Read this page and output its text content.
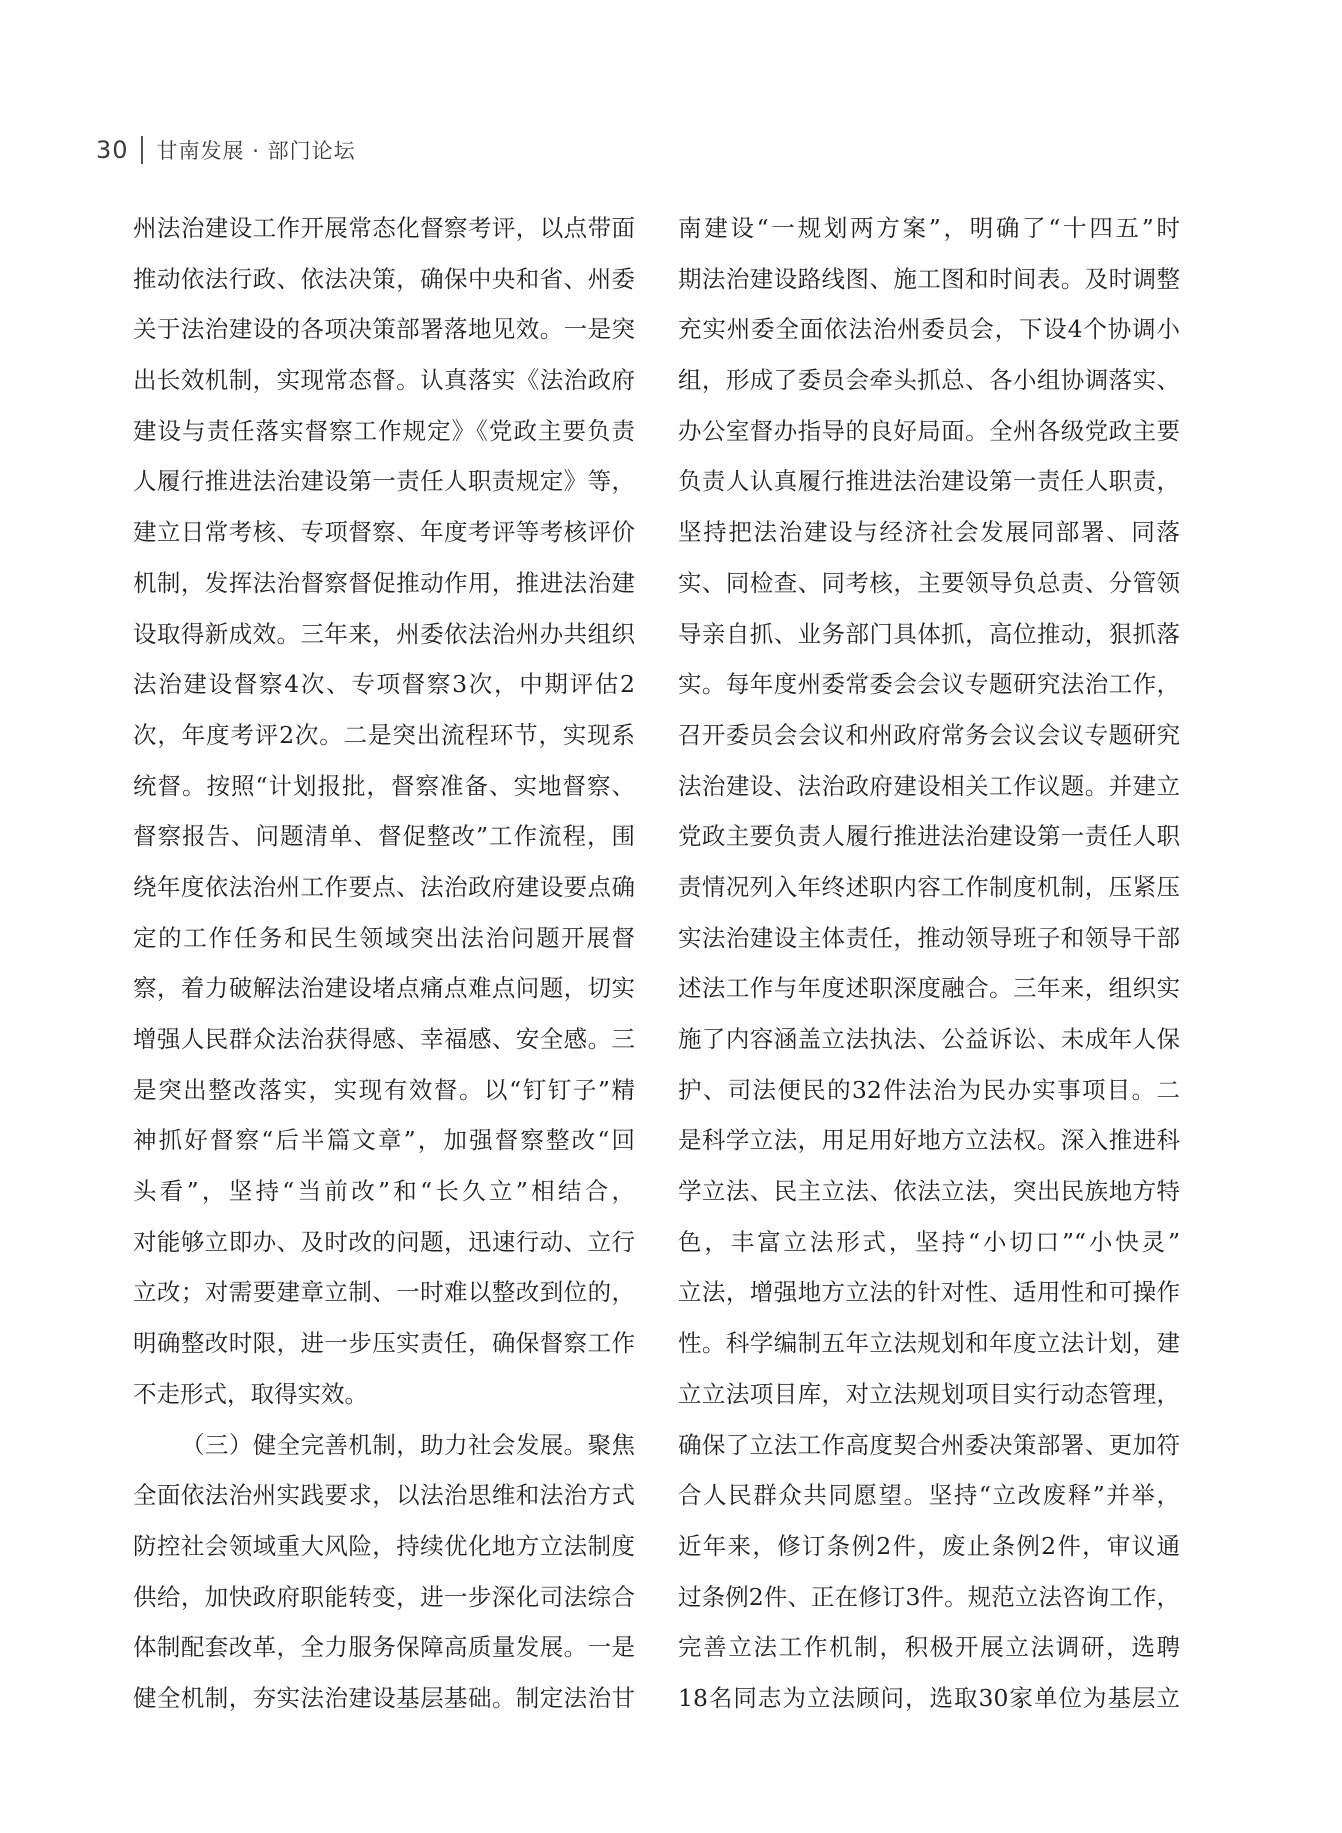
30 甘南发展 · 部门论坛
州法治建设工作开展常态化督察考评，以点带面
推动依法行政、依法决策，确保中央和省、州委
关于法治建设的各项决策部署落地见效。一是突
出长效机制，实现常态督。认真落实《法治政府
建设与责任落实督察工作规定》《党政主要负责
人履行推进法治建设第一责任人职责规定》等，
建立日常考核、专项督察、年度考评等考核评价
机制，发挥法治督察督促推动作用，推进法治建
设取得新成效。三年来，州委依法治州办共组织
法治建设督察4次、专项督察3次，中期评估2
次，年度考评2次。二是突出流程环节，实现系
统督。按照“计划报批，督察准备、实地督察、
督察报告、问题清单、督促整改”工作流程，围
绕年度依法治州工作要点、法治政府建设要点确
定的工作任务和民生领域突出法治问题开展督
察，着力破解法治建设堵点痛点难点问题，切实
增强人民群众法治获得感、幸福感、安全感。三
是突出整改落实，实现有效督。以“钉钉子”精
神抓好督察“后半篇文章”，加强督察整改“回
头看”，坚持“当前改”和“长久立”相结合，
对能够立即办、及时改的问题，迅速行动、立行
立改；对需要建章立制、一时难以整改到位的，
明确整改时限，进一步压实责任，确保督察工作
不走形式，取得实效。
（三）健全完善机制，助力社会发展。聚焦
全面依法治州实践要求，以法治思维和法治方式
防控社会领域重大风险，持续优化地方立法制度
供给，加快政府职能转变，进一步深化司法综合
体制配套改革，全力服务保障高质量发展。一是
健全机制，夯实法治建设基层基础。制定法治甘
南建设“一规划两方案”，明确了“十四五”时
期法治建设路线图、施工图和时间表。及时调整
充实州委全面依法治州委员会，下设4个协调小
组，形成了委员会牵头抓总、各小组协调落实、
办公室督办指导的良好局面。全州各级党政主要
负责人认真履行推进法治建设第一责任人职责，
坚持把法治建设与经济社会发展同部署、同落
实、同检查、同考核，主要领导负总责、分管领
导亲自抓、业务部门具体抓，高位推动，狠抓落
实。每年度州委常委会会议专题研究法治工作，
召开委员会会议和州政府常务会议会议专题研究
法治建设、法治政府建设相关工作议题。并建立
党政主要负责人履行推进法治建设第一责任人职
责情况列入年终述职内容工作制度机制，压紧压
实法治建设主体责任，推动领导班子和领导干部
述法工作与年度述职深度融合。三年来，组织实
施了内容涵盖立法执法、公益诉讼、未成年人保
护、司法便民的32件法治为民办实事项目。二
是科学立法，用足用好地方立法权。深入推进科
学立法、民主立法、依法立法，突出民族地方特
色，丰富立法形式，坚持“小切口”“小快灵”
立法，增强地方立法的针对性、适用性和可操作
性。科学编制五年立法规划和年度立法计划，建
立立法项目库，对立法规划项目实行动态管理，
确保了立法工作高度契合州委决策部署、更加符
合人民群众共同愿望。坚持“立改废释”并举，
近年来，修订条例2件，废止条例2件，审议通
过条例2件、正在修订3件。规范立法咨询工作，
完善立法工作机制，积极开展立法调研，选聘
18名同志为立法顾问，选取30家单位为基层立
